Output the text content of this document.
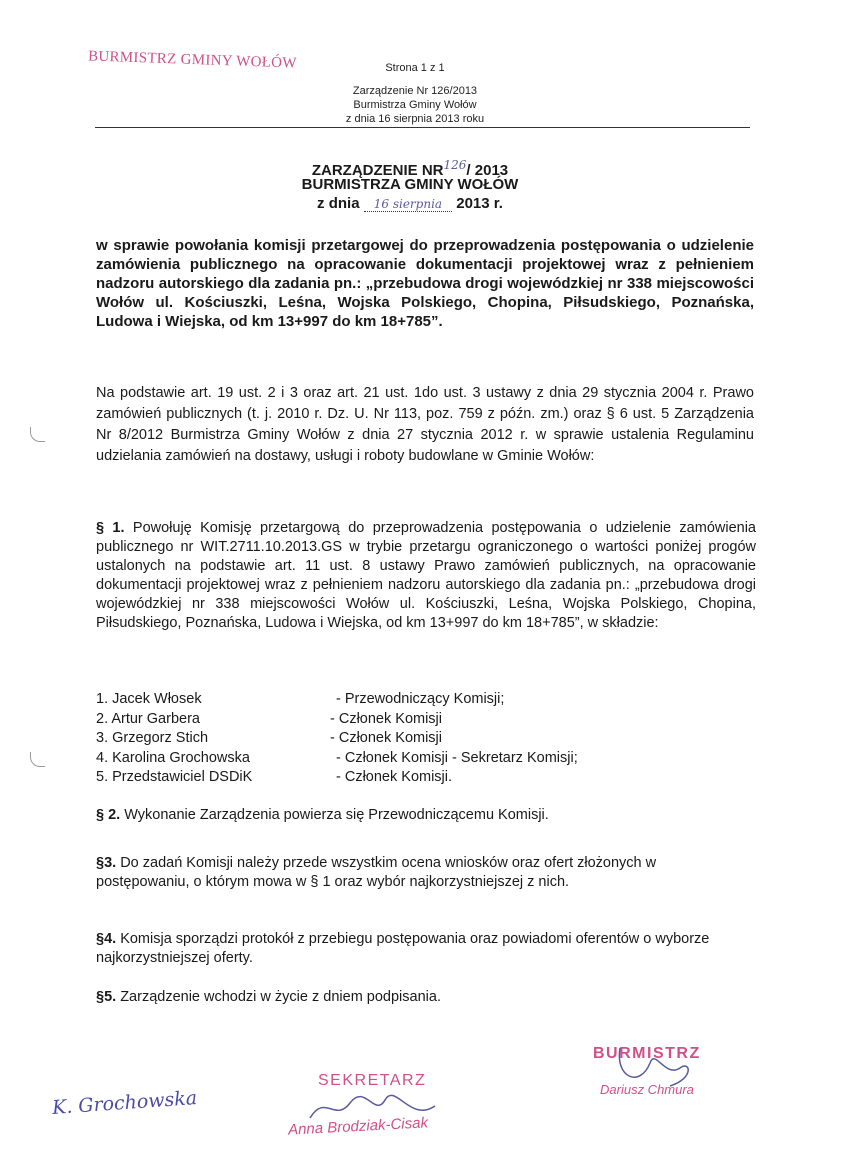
BURMISTRZ GMINY WOŁÓW	Strona 1 z 1
Zarządzenie Nr 126/2013
Burmistrza Gminy Wołów
z dnia 16 sierpnia 2013 roku
ZARZĄDZENIE NR$^{126}$/ 2013
BURMISTRZA GMINY WOŁÓW
z dnia 16 sierpnia 2013 r.
w sprawie powołania komisji przetargowej do przeprowadzenia postępowania o udzielenie zamówienia publicznego na opracowanie dokumentacji projektowej wraz z pełnieniem nadzoru autorskiego dla zadania pn.: „przebudowa drogi wojewódzkiej nr 338 miejscowości Wołów ul. Kościuszki, Leśna, Wojska Polskiego, Chopina, Piłsudskiego, Poznańska, Ludowa i Wiejska, od km 13+997 do km 18+785”.
Na podstawie art. 19 ust. 2 i 3 oraz art. 21 ust. 1do ust. 3 ustawy z dnia 29 stycznia 2004 r. Prawo zamówień publicznych (t. j. 2010 r. Dz. U. Nr 113, poz. 759 z późn. zm.) oraz § 6 ust. 5 Zarządzenia Nr 8/2012 Burmistrza Gminy Wołów z dnia 27 stycznia 2012 r. w sprawie ustalenia Regulaminu udzielania zamówień na dostawy, usługi i roboty budowlane w Gminie Wołów:
§ 1. Powołuję Komisję przetargową do przeprowadzenia postępowania o udzielenie zamówienia publicznego nr WIT.2711.10.2013.GS w trybie przetargu ograniczonego o wartości poniżej progów ustalonych na podstawie art. 11 ust. 8 ustawy Prawo zamówień publicznych, na opracowanie dokumentacji projektowej wraz z pełnieniem nadzoru autorskiego dla zadania pn.: „przebudowa drogi wojewódzkiej nr 338 miejscowości Wołów ul. Kościuszki, Leśna, Wojska Polskiego, Chopina, Piłsudskiego, Poznańska, Ludowa i Wiejska, od km 13+997 do km 18+785”, w składzie:
1. Jacek Włosek	- Przewodniczący Komisji;
2. Artur Garbera	- Członek Komisji
3. Grzegorz Stich	- Członek Komisji
4. Karolina Grochowska	- Członek Komisji - Sekretarz Komisji;
5. Przedstawiciel DSDiK	- Członek Komisji.
§ 2. Wykonanie Zarządzenia powierza się Przewodniczącemu Komisji.
§3. Do zadań Komisji należy przede wszystkim ocena wniosków oraz ofert złożonych w postępowaniu, o którym mowa w § 1 oraz wybór najkorzystniejszej z nich.
§4. Komisja sporządzi protokół z przebiegu postępowania oraz powiadomi oferentów o wyborze najkorzystniejszej oferty.
§5. Zarządzenie wchodzi w życie z dniem podpisania.
K. Grochowska
SEKRETARZ
Anna Brodziak-Cisak
BURMISTRZ
Dariusz Chmura
